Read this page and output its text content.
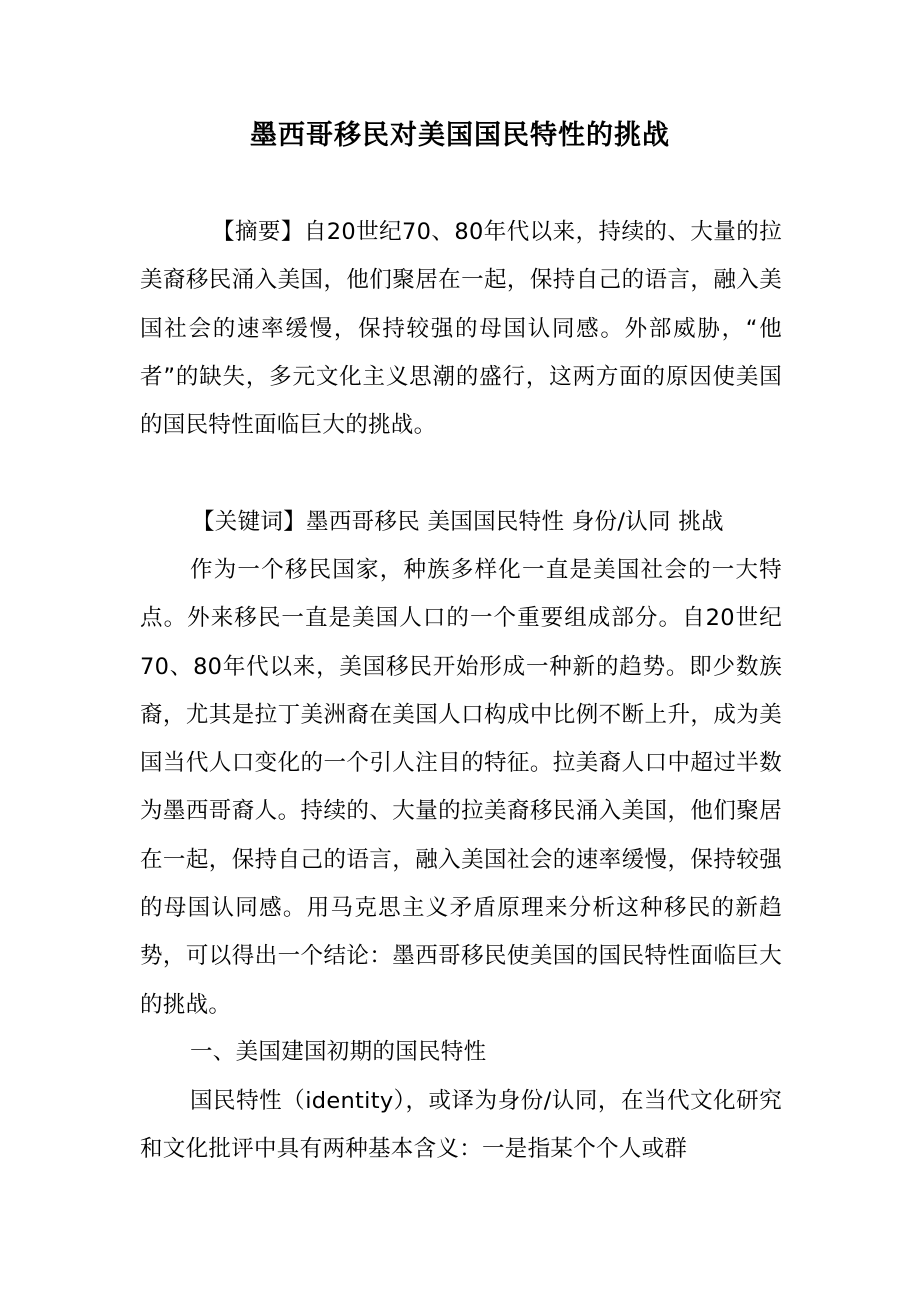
墨西哥移民对美国国民特性的挑战

【摘要】自20世纪70、80年代以来，持续的、大量的拉美裔移民涌入美国，他们聚居在一起，保持自己的语言，融入美国社会的速率缓慢，保持较强的母国认同感。外部威胁，“他者”的缺失，多元文化主义思潮的盛行，这两方面的原因使美国的国民特性面临巨大的挑战。

【关键词】墨西哥移民 美国国民特性 身份/认同 挑战

作为一个移民国家，种族多样化一直是美国社会的一大特点。外来移民一直是美国人口的一个重要组成部分。自20世纪70、80年代以来，美国移民开始形成一种新的趋势。即少数族裔，尤其是拉丁美洲裔在美国人口构成中比例不断上升，成为美国当代人口变化的一个引人注目的特征。拉美裔人口中超过半数为墨西哥裔人。持续的、大量的拉美裔移民涌入美国，他们聚居在一起，保持自己的语言，融入美国社会的速率缓慢，保持较强的母国认同感。用马克思主义矛盾原理来分析这种移民的新趋势，可以得出一个结论：墨西哥移民使美国的国民特性面临巨大的挑战。

一、美国建国初期的国民特性

国民特性（identity），或译为身份/认同，在当代文化研究和文化批评中具有两种基本含义：一是指某个个人或群
